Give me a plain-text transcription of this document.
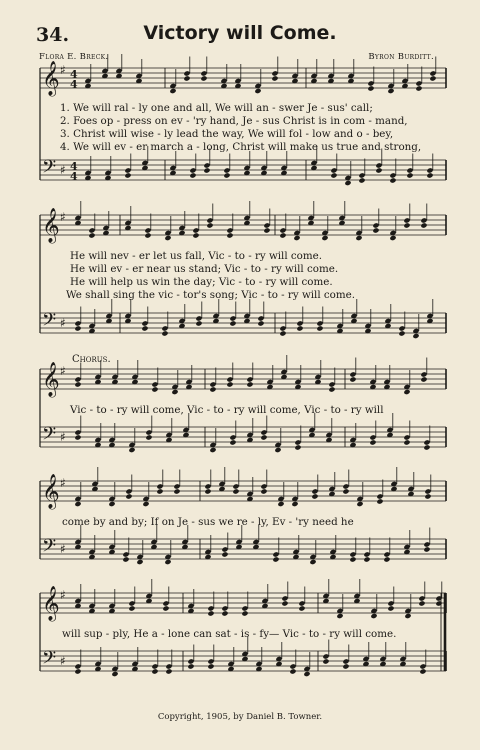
𝄞 ♯ 4
4
𝄢 ♯ 4
4
𝄞 ♯
𝄢 ♯
𝄞 ♯
𝄢 ♯
𝄞 ♯
𝄢 ♯
𝄞 ♯
𝄢 ♯
34.	Victory will Come.
Flora E. Breck.	Byron Burditt.
1. We will ral - ly one and all, We will an - swer Je - sus' call;
2. Foes op - press on ev - 'ry hand, Je - sus Christ is in com - mand,
3. Christ will wise - ly lead the way, We will fol - low and o - bey,
4. We will ev - er march a - long, Christ will make us true and strong,
He will nev - er let us fall, Vic - to - ry will come.
He will ev - er near us stand; Vic - to - ry will come.
He will help us win the day; Vic - to - ry will come.
We shall sing the vic - tor's song; Vic - to - ry will come.
Chorus.
Vic - to - ry will come, Vic - to - ry will come, Vic - to - ry will
come by and by; If on Je - sus we re - ly, Ev - 'ry need he
will sup - ply, He a - lone can sat - is - fy— Vic - to - ry will come.
Copyright, 1905, by Daniel B. Towner.
